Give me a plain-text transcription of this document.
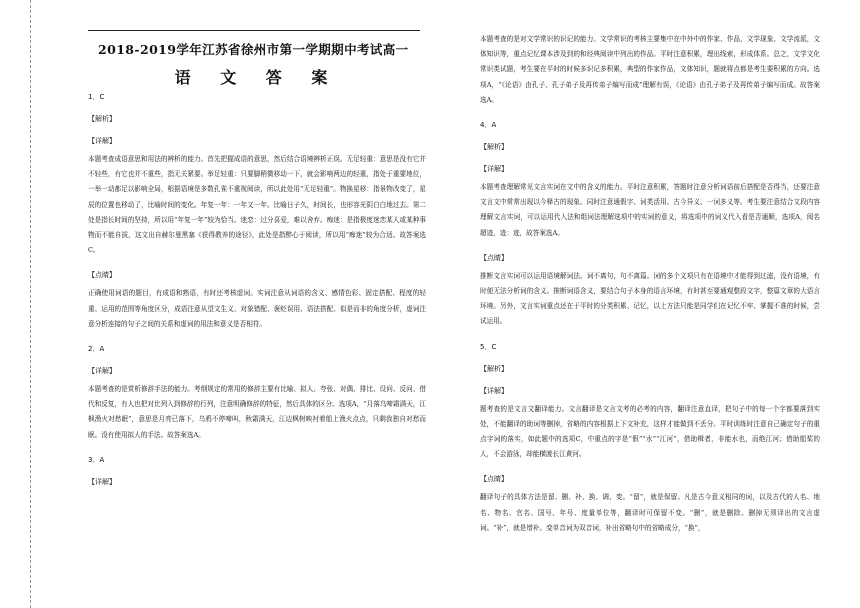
2018-2019学年江苏省徐州市第一学期期中考试高一
语 文 答 案
1．C
【解析】
【详解】
本题考查成语意思和用法的辨析的能力。首先把握成语的意思，然后结合语境辨析正误。无足轻重：意思是没有它并不轻些，有它也并不重些，指无关紧要。举足轻重：只要脚稍微移动一下，就会影响两边的轻重，指处于重要地位，一举一动都足以影响全局，根据语境是多数孔雀不重视阅读，所以此处用“无足轻重”。物换星移：指景物改变了，星辰的位置也移动了，比喻时间的变化。年复一年：一年又一年。比喻日子久，时间长，也形容光阴白白地过去。第二处是指长时间的坚持，所以用“年复一年”较为恰当。迷恋：过分喜爱，难以舍弃。痴迷：是指极度迷恋某人或某种事物而不能自拔，这文出自赫尔曼黑塞《获得教养的途径》，此处是指醉心于阅读，所以用“痴迷”较为合适。故答案选C。
【点睛】
正确使用词语的题目，有成语和熟语，有时还考核虚词。实词注意从词语的含义、感情色彩、固定搭配、程度的轻重、运用的范围等角度区分，成语注意从望文生义、对象错配、褒贬误用、语法搭配、似是而非的角度分析，虚词注意分析连接的句子之间的关系和虚词的用法和意义是否相符。
2．A
【详解】
本题考查的是赏析修辞手法的能力。考纲规定的常用的修辞主要有比喻、拟人、夸张、对偶、排比、设问、反问、借代和反复，有人也把对比列入到修辞的行列，注意明确修辞的特征，然后具体的区分。选项A，“月落乌啼霜满天，江枫渔火对愁眠”，意思是月亮已落下，乌鸦不停啼叫，秋霜满天，江边枫树映衬着船上渔火点点，只剩我独自对愁而眠。没有使用拟人的手法。故答案选A。
3．A
【详解】
本题考查的是对文学常识的识记的能力。文学常识的考核主要集中在中外中的作家、作品，文学现象、文学流派，文体知识等，重点记忆课本涉及到的和经典阅读中列出的作品。平时注意积累，理出线索，形成体系。总之，文学文化常识类试题，考生要在平时的时候多识记多积累，典型的作家作品，文体知识，题就将点都是考生要积累的方向。选项A，“《论语》由孔子、孔子弟子及再传弟子编写而成”理解有误，《论语》由孔子弟子及再传弟子编写而成。故答案选A。
4．A
【解析】
【详解】
本题考查理解常见文言实词在文中的含义的能力。平时注意积累，答题时注意分析词语前后搭配是否得当，还要注意文言文中常常出现以今释古的现象。同时注意通假字、词类活用、古今异义、一词多义等。考生要注意结合文段内容理解文言实词，可以运用代入法和组词法理解选项中的实词的意义，将选项中的词义代入看是否通顺，选项A，阅名超迹，迹：迹，故答案选A。
【点睛】
推断文言实词可以运用语境解词法。词不离句，句不离篇。词的多个义项只有在语境中才能得到过滤，没有语境，有时便无法分析词的含义。推断词语含义，要结合句子本身的语言环境，有时甚至要通观整段文字，整篇文章的大语言环境。另外，文言实词重点还在于平时的分类积累、记忆，以上方法只能是同学们在记忆不牢、掌握不准的时候，尝试运用。
5．C
【解析】
【详解】
题考查的是文言文翻译能力。文言翻译是文言文考的必考的内容，翻译注意直译，把句子中的每一个字都要落到实处，不能翻译的助词等删掉，省略的内容根据上下文补充，这样才能做到不丢分。平时训练时注意自己确定句子的重点字词的落实，如此题中的选项C，中重点的字是“假”“水”“江河”，借助楫者，非能水也，而绝江河；借助船桨的人，不会游泳，却能横渡长江黄河。
【点睛】
翻译句子的具体方法是留、删、补、换、调、变。“留”，就是保留。凡是古今意义相同的词，以及古代的人名、地名、物名、官名、国号、年号、度量单位等，翻译时可保留不变。“删”，就是删除。删掉无须译出的文言虚词。“补”，就是增补。变单音词为双音词，补出省略句中的省略成分，“换”，
